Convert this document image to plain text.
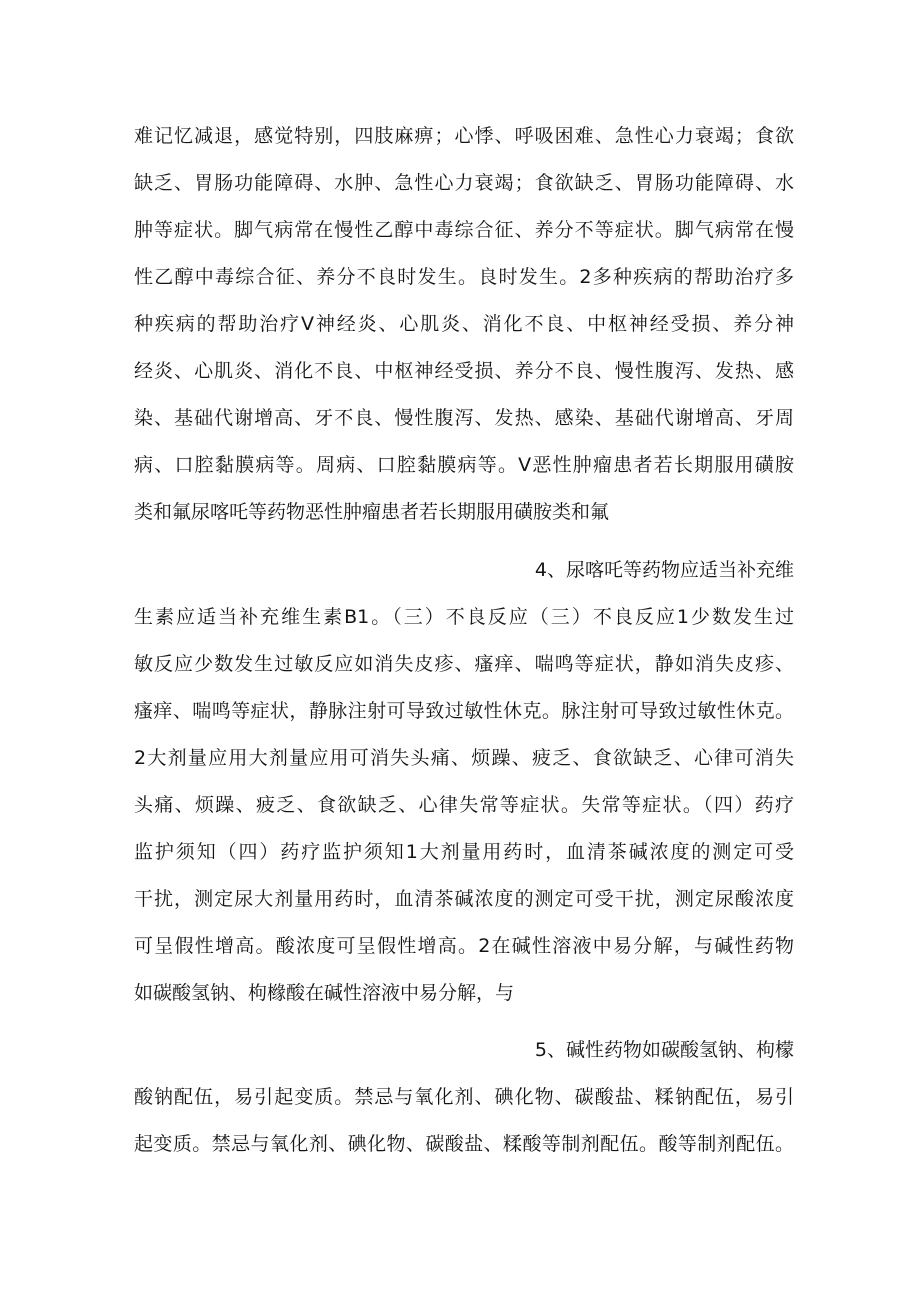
难记忆减退，感觉特别，四肢麻痹；心悸、呼吸困难、急性心力衰竭；食欲
缺乏、胃肠功能障碍、水肿、急性心力衰竭；食欲缺乏、胃肠功能障碍、水
肿等症状。脚气病常在慢性乙醇中毒综合征、养分不等症状。脚气病常在慢
性乙醇中毒综合征、养分不良时发生。良时发生。2多种疾病的帮助治疗多
种疾病的帮助治疗V神经炎、心肌炎、消化不良、中枢神经受损、养分神
经炎、心肌炎、消化不良、中枢神经受损、养分不良、慢性腹泻、发热、感
染、基础代谢增高、牙不良、慢性腹泻、发热、感染、基础代谢增高、牙周
病、口腔黏膜病等。周病、口腔黏膜病等。V恶性肿瘤患者若长期服用磺胺
类和氟尿喀吒等药物恶性肿瘤患者若长期服用磺胺类和氟
4、尿喀吒等药物应适当补充维
生素应适当补充维生素B1。（三）不良反应（三）不良反应1少数发生过
敏反应少数发生过敏反应如消失皮疹、瘙痒、喘鸣等症状，静如消失皮疹、
瘙痒、喘鸣等症状，静脉注射可导致过敏性休克。脉注射可导致过敏性休克。
2大剂量应用大剂量应用可消失头痛、烦躁、疲乏、食欲缺乏、心律可消失
头痛、烦躁、疲乏、食欲缺乏、心律失常等症状。失常等症状。（四）药疗
监护须知（四）药疗监护须知1大剂量用药时，血清茶碱浓度的测定可受
干扰，测定尿大剂量用药时，血清茶碱浓度的测定可受干扰，测定尿酸浓度
可呈假性增高。酸浓度可呈假性增高。2在碱性溶液中易分解，与碱性药物
如碳酸氢钠、枸橼酸在碱性溶液中易分解，与
5、碱性药物如碳酸氢钠、枸檬
酸钠配伍，易引起变质。禁忌与氧化剂、碘化物、碳酸盐、糅钠配伍，易引
起变质。禁忌与氧化剂、碘化物、碳酸盐、糅酸等制剂配伍。酸等制剂配伍。
